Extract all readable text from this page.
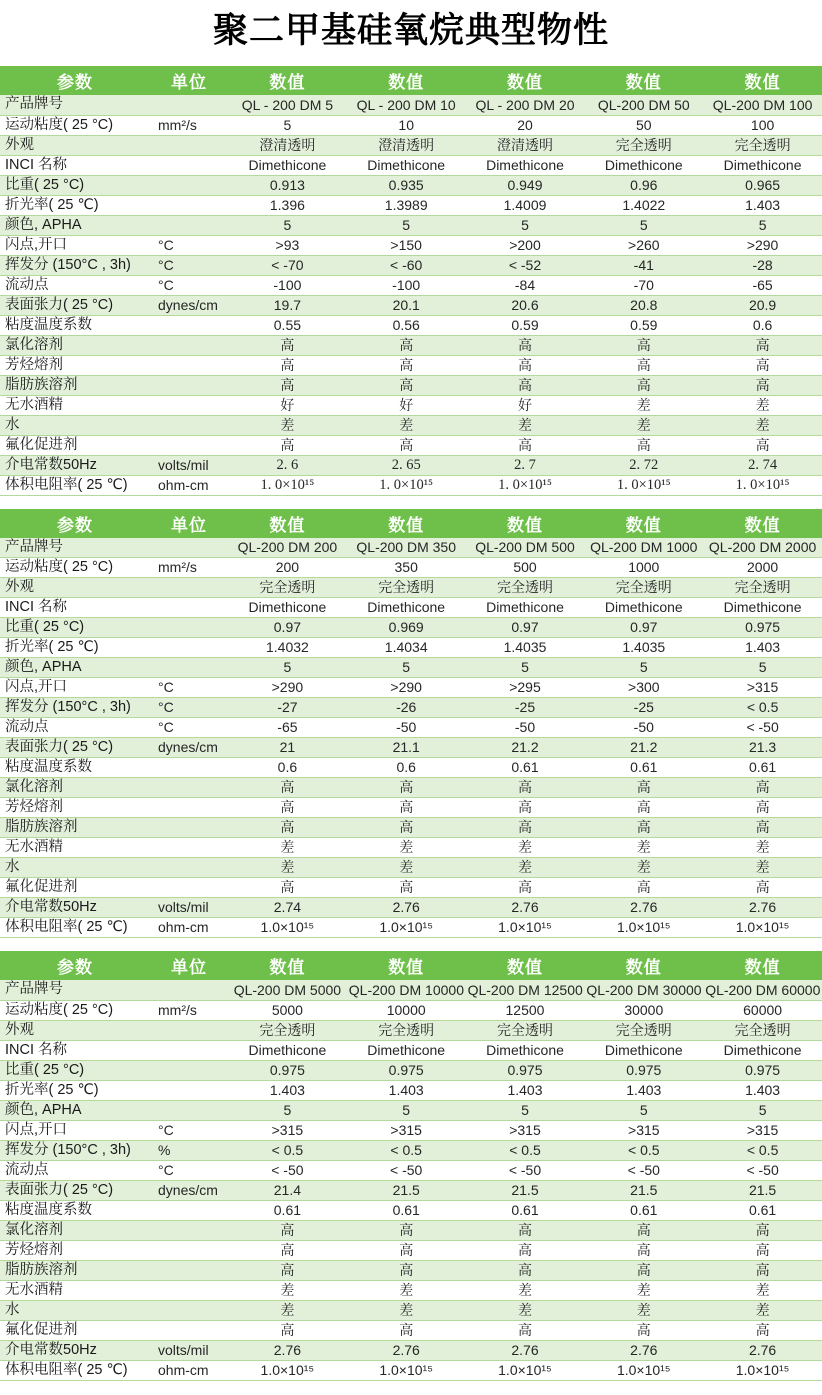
聚二甲基硅氧烷典型物性
参数	单位	数值	数值	数值	数值	数值
产品牌号		QL - 200 DM 5	QL - 200 DM 10	QL - 200 DM 20	QL-200 DM 50	QL-200 DM 100
运动粘度( 25 °C)	mm²/s	5	10	20	50	100
外观		澄清透明	澄清透明	澄清透明	完全透明	完全透明
INCI 名称		Dimethicone	Dimethicone	Dimethicone	Dimethicone	Dimethicone
比重( 25 °C)		0.913	0.935	0.949	0.96	0.965
折光率( 25 ℃)		1.396	1.3989	1.4009	1.4022	1.403
颜色, APHA		5	5	5	5	5
闪点,开口	°C	>93	>150	>200	>260	>290
挥发分 (150°C , 3h)	°C	< -70	< -60	< -52	-41	-28
流动点	°C	-100	-100	-84	-70	-65
表面张力( 25 °C)	dynes/cm	19.7	20.1	20.6	20.8	20.9
粘度温度系数		0.55	0.56	0.59	0.59	0.6
氯化溶剂		高	高	高	高	高
芳烃熔剂		高	高	高	高	高
脂肪族溶剂		高	高	高	高	高
无水酒精		好	好	好	差	差
水		差	差	差	差	差
氟化促进剂		高	高	高	高	高
介电常数50Hz	volts/mil	2. 6	2. 65	2. 7	2. 72	2. 74
体积电阻率( 25 ℃)	ohm-cm	1. 0×10¹⁵	1. 0×10¹⁵	1. 0×10¹⁵	1. 0×10¹⁵	1. 0×10¹⁵
参数	单位	数值	数值	数值	数值	数值
产品牌号		QL-200 DM 200	QL-200 DM 350	QL-200 DM 500	QL-200 DM 1000	QL-200 DM 2000
运动粘度( 25 °C)	mm²/s	200	350	500	1000	2000
外观		完全透明	完全透明	完全透明	完全透明	完全透明
INCI 名称		Dimethicone	Dimethicone	Dimethicone	Dimethicone	Dimethicone
比重( 25 °C)		0.97	0.969	0.97	0.97	0.975
折光率( 25 ℃)		1.4032	1.4034	1.4035	1.4035	1.403
颜色, APHA		5	5	5	5	5
闪点,开口	°C	>290	>290	>295	>300	>315
挥发分 (150°C , 3h)	°C	-27	-26	-25	-25	< 0.5
流动点	°C	-65	-50	-50	-50	< -50
表面张力( 25 °C)	dynes/cm	21	21.1	21.2	21.2	21.3
粘度温度系数		0.6	0.6	0.61	0.61	0.61
氯化溶剂		高	高	高	高	高
芳烃熔剂		高	高	高	高	高
脂肪族溶剂		高	高	高	高	高
无水酒精		差	差	差	差	差
水		差	差	差	差	差
氟化促进剂		高	高	高	高	高
介电常数50Hz	volts/mil	2.74	2.76	2.76	2.76	2.76
体积电阻率( 25 ℃)	ohm-cm	1.0×10¹⁵	1.0×10¹⁵	1.0×10¹⁵	1.0×10¹⁵	1.0×10¹⁵
参数	单位	数值	数值	数值	数值	数值
产品牌号		QL-200 DM 5000	QL-200 DM 10000	QL-200 DM 12500	QL-200 DM 30000	QL-200 DM 60000
运动粘度( 25 °C)	mm²/s	5000	10000	12500	30000	60000
外观		完全透明	完全透明	完全透明	完全透明	完全透明
INCI 名称		Dimethicone	Dimethicone	Dimethicone	Dimethicone	Dimethicone
比重( 25 °C)		0.975	0.975	0.975	0.975	0.975
折光率( 25 ℃)		1.403	1.403	1.403	1.403	1.403
颜色, APHA		5	5	5	5	5
闪点,开口	°C	>315	>315	>315	>315	>315
挥发分 (150°C , 3h)	%	< 0.5	< 0.5	< 0.5	< 0.5	< 0.5
流动点	°C	< -50	< -50	< -50	< -50	< -50
表面张力( 25 °C)	dynes/cm	21.4	21.5	21.5	21.5	21.5
粘度温度系数		0.61	0.61	0.61	0.61	0.61
氯化溶剂		高	高	高	高	高
芳烃熔剂		高	高	高	高	高
脂肪族溶剂		高	高	高	高	高
无水酒精		差	差	差	差	差
水		差	差	差	差	差
氟化促进剂		高	高	高	高	高
介电常数50Hz	volts/mil	2.76	2.76	2.76	2.76	2.76
体积电阻率( 25 ℃)	ohm-cm	1.0×10¹⁵	1.0×10¹⁵	1.0×10¹⁵	1.0×10¹⁵	1.0×10¹⁵
